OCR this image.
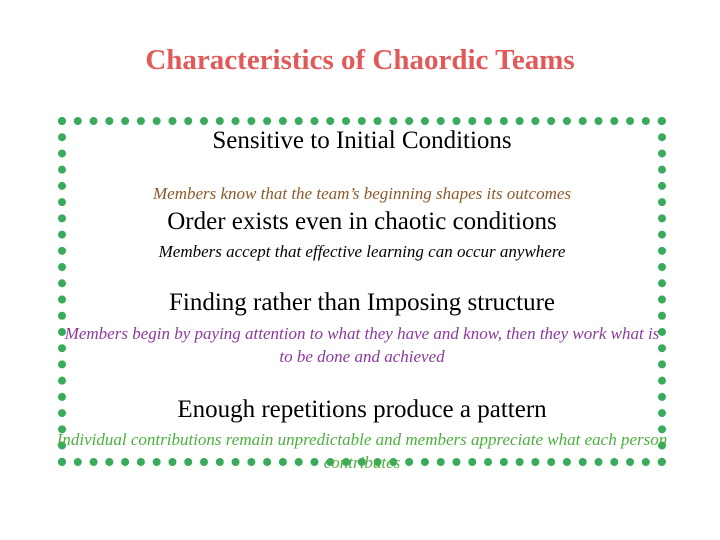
Characteristics of Chaordic Teams
Sensitive to Initial Conditions
Members know that the team’s beginning shapes its outcomes
Order exists even in chaotic conditions
Members accept that effective learning can occur anywhere
Finding rather than Imposing structure
Members begin by paying attention to what they have and know, then they work what is to be done and achieved
Enough repetitions produce a pattern
Individual contributions remain unpredictable and members appreciate what each person contributes
